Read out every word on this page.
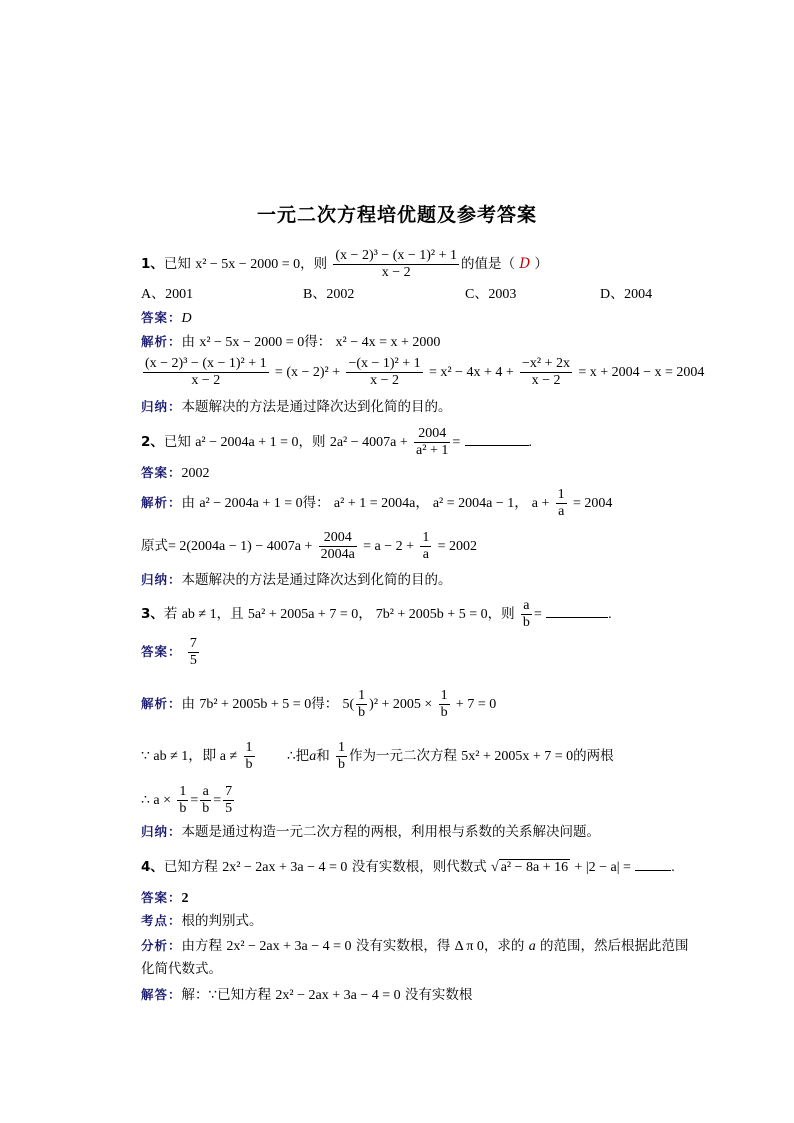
一元二次方程培优题及参考答案
1、已知 x² − 5x − 2000 = 0，则 $\frac{\text{(x − 2)³ − (x − 1)² + 1}}{x - 2}$ 的值是（ D ）
A、2001	B、2002	C、2003	D、2004
答案：D
解析：由 x² − 5x − 2000 = 0得： x² − 4x = x + 2000
$\frac{\text{(x − 2)³ − (x − 1)² + 1}}{x - 2} = (x - 2)^2 + \frac{\text{−(x − 1)² + 1}}{x - 2} = x^2 - 4x + 4 + \frac{\text{−x² + 2x}}{x - 2} = x + 2004 - x = 2004$
归纳：本题解决的方法是通过降次达到化简的目的。
2、已知 a² − 2004a + 1 = 0，则 $2a^2 - 4007a + \frac{2004}{\text{a² + 1}}$ =	.
答案：2002
解析：由 a² − 2004a + 1 = 0得： a² + 1 = 2004a， a² = 2004a − 1， $a + \frac{1}{a} = 2004$
原式= $2(2004a - 1) - 4007a + \frac{2004}{2004a} = a - 2 + \frac{1}{a} = 2002$
归纳：本题解决的方法是通过降次达到化简的目的。
3、若 ab ≠ 1，且 5a² + 2005a + 7 = 0， 7b² + 2005b + 5 = 0，则 $\frac{a}{b}$ =	.
答案： $\frac{7}{5}$
解析：由 7b² + 2005b + 5 = 0得： $5( \frac{1}{b} )^2 + 2005 \times \frac{1}{b} + 7 = 0$
∵ ab ≠ 1，即 $a \ne \frac{1}{b}$ ∴把a和 $\frac{1}{b}$ 作为一元二次方程 5x² + 2005x + 7 = 0的两根
∴ $a \times \frac{1}{b} = \frac{a}{b} = \frac{7}{5}$
归纳：本题是通过构造一元二次方程的两根，利用根与系数的关系解决问题。
4、已知方程 2x² − 2ax + 3a − 4 = 0 没有实数根，则代数式 √ a² − 8a + 16 + |2 − a| =	.
答案：2
考点：根的判别式。
分析：由方程 2x² − 2ax + 3a − 4 = 0 没有实数根，得 Δ π 0，求的 a 的范围，然后根据此范围
化简代数式。
解答：解：∵已知方程 2x² − 2ax + 3a − 4 = 0 没有实数根
